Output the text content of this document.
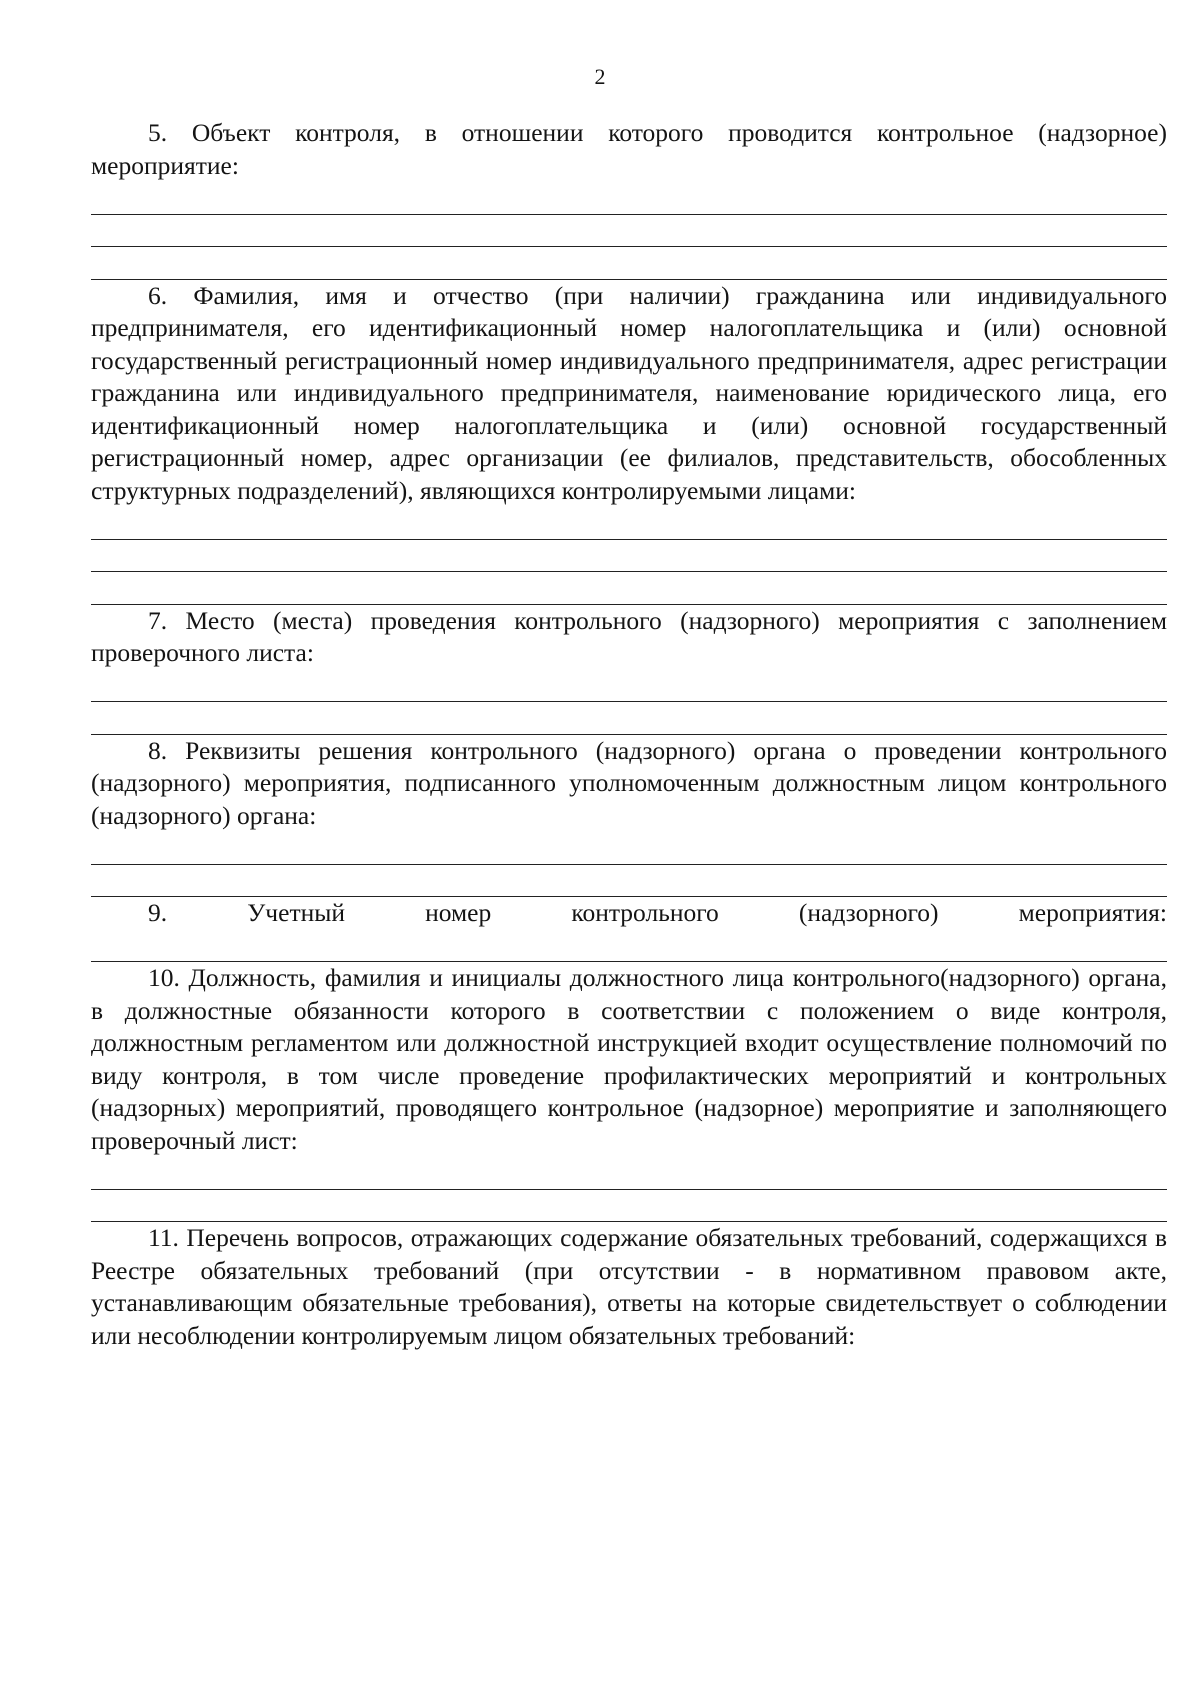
2

5. Объект контроля, в отношении которого проводится контрольное (надзорное) мероприятие:

6. Фамилия, имя и отчество (при наличии) гражданина или индивидуального предпринимателя, его идентификационный номер налогоплательщика и (или) основной государственный регистрационный номер индивидуального предпринимателя, адрес регистрации гражданина или индивидуального предпринимателя, наименование юридического лица, его идентификационный номер налогоплательщика и (или) основной государственный регистрационный номер, адрес организации (ее филиалов, представительств, обособленных структурных подразделений), являющихся контролируемыми лицами:

7. Место (места) проведения контрольного (надзорного) мероприятия с заполнением проверочного листа:

8. Реквизиты решения контрольного (надзорного) органа о проведении контрольного (надзорного) мероприятия, подписанного уполномоченным должностным лицом контрольного (надзорного) органа:

9. Учетный номер контрольного (надзорного) мероприятия:

10. Должность, фамилия и инициалы должностного лица контрольного(надзорного) органа, в должностные обязанности которого в соответствии с положением о виде контроля, должностным регламентом или должностной инструкцией входит осуществление полномочий по виду контроля, в том числе проведение профилактических мероприятий и контрольных (надзорных) мероприятий, проводящего контрольное (надзорное) мероприятие и заполняющего проверочный лист:

11. Перечень вопросов, отражающих содержание обязательных требований, содержащихся в Реестре обязательных требований (при отсутствии - в нормативном правовом акте, устанавливающим обязательные требования), ответы на которые свидетельствует о соблюдении или несоблюдении контролируемым лицом обязательных требований:
